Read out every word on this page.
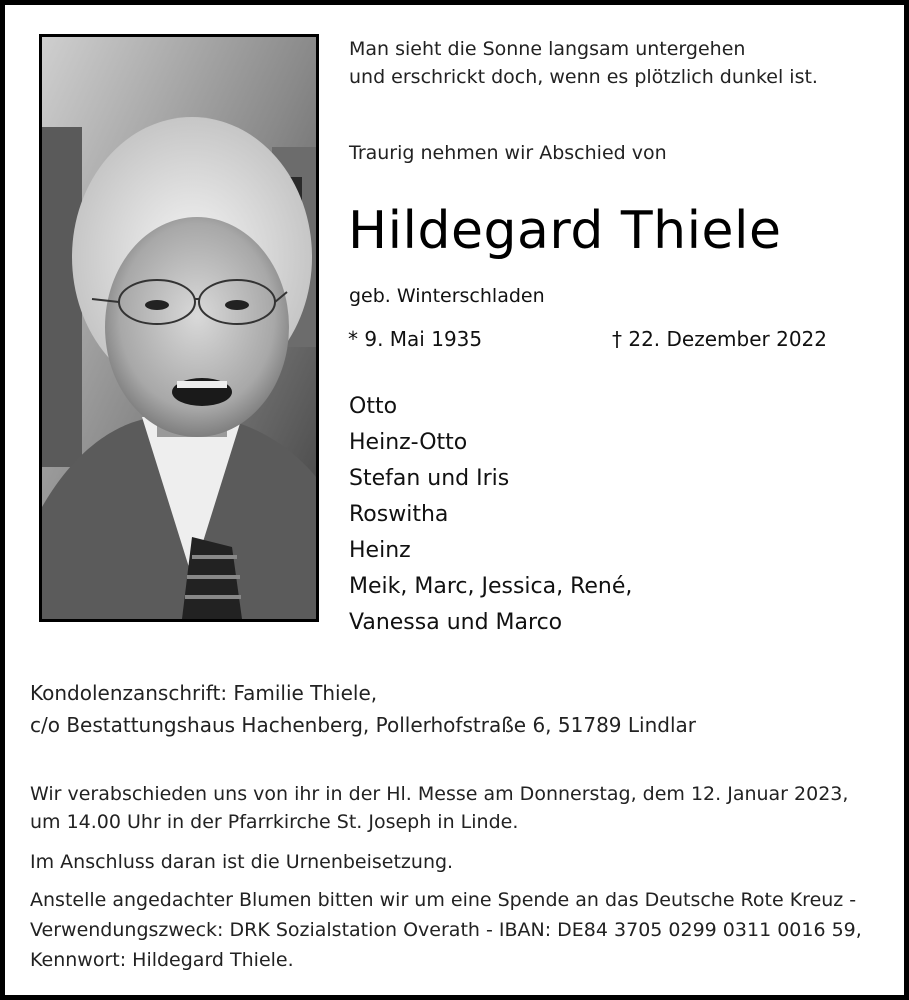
Man sieht die Sonne langsam untergehen
und erschrickt doch, wenn es plötzlich dunkel ist.
Traurig nehmen wir Abschied von
Hildegard Thiele
geb. Winterschladen
* 9. Mai 1935	† 22. Dezember 2022
Otto
Heinz-Otto
Stefan und Iris
Roswitha
Heinz
Meik, Marc, Jessica, René,
Vanessa und Marco
Kondolenzanschrift: Familie Thiele,
c/o Bestattungshaus Hachenberg, Pollerhofstraße 6, 51789 Lindlar
Wir verabschieden uns von ihr in der Hl. Messe am Donnerstag, dem 12. Januar 2023,
um 14.00 Uhr in der Pfarrkirche St. Joseph in Linde.
Im Anschluss daran ist die Urnenbeisetzung.
Anstelle angedachter Blumen bitten wir um eine Spende an das Deutsche Rote Kreuz -
Verwendungszweck: DRK Sozialstation Overath - IBAN: DE84 3705 0299 0311 0016 59,
Kennwort: Hildegard Thiele.
